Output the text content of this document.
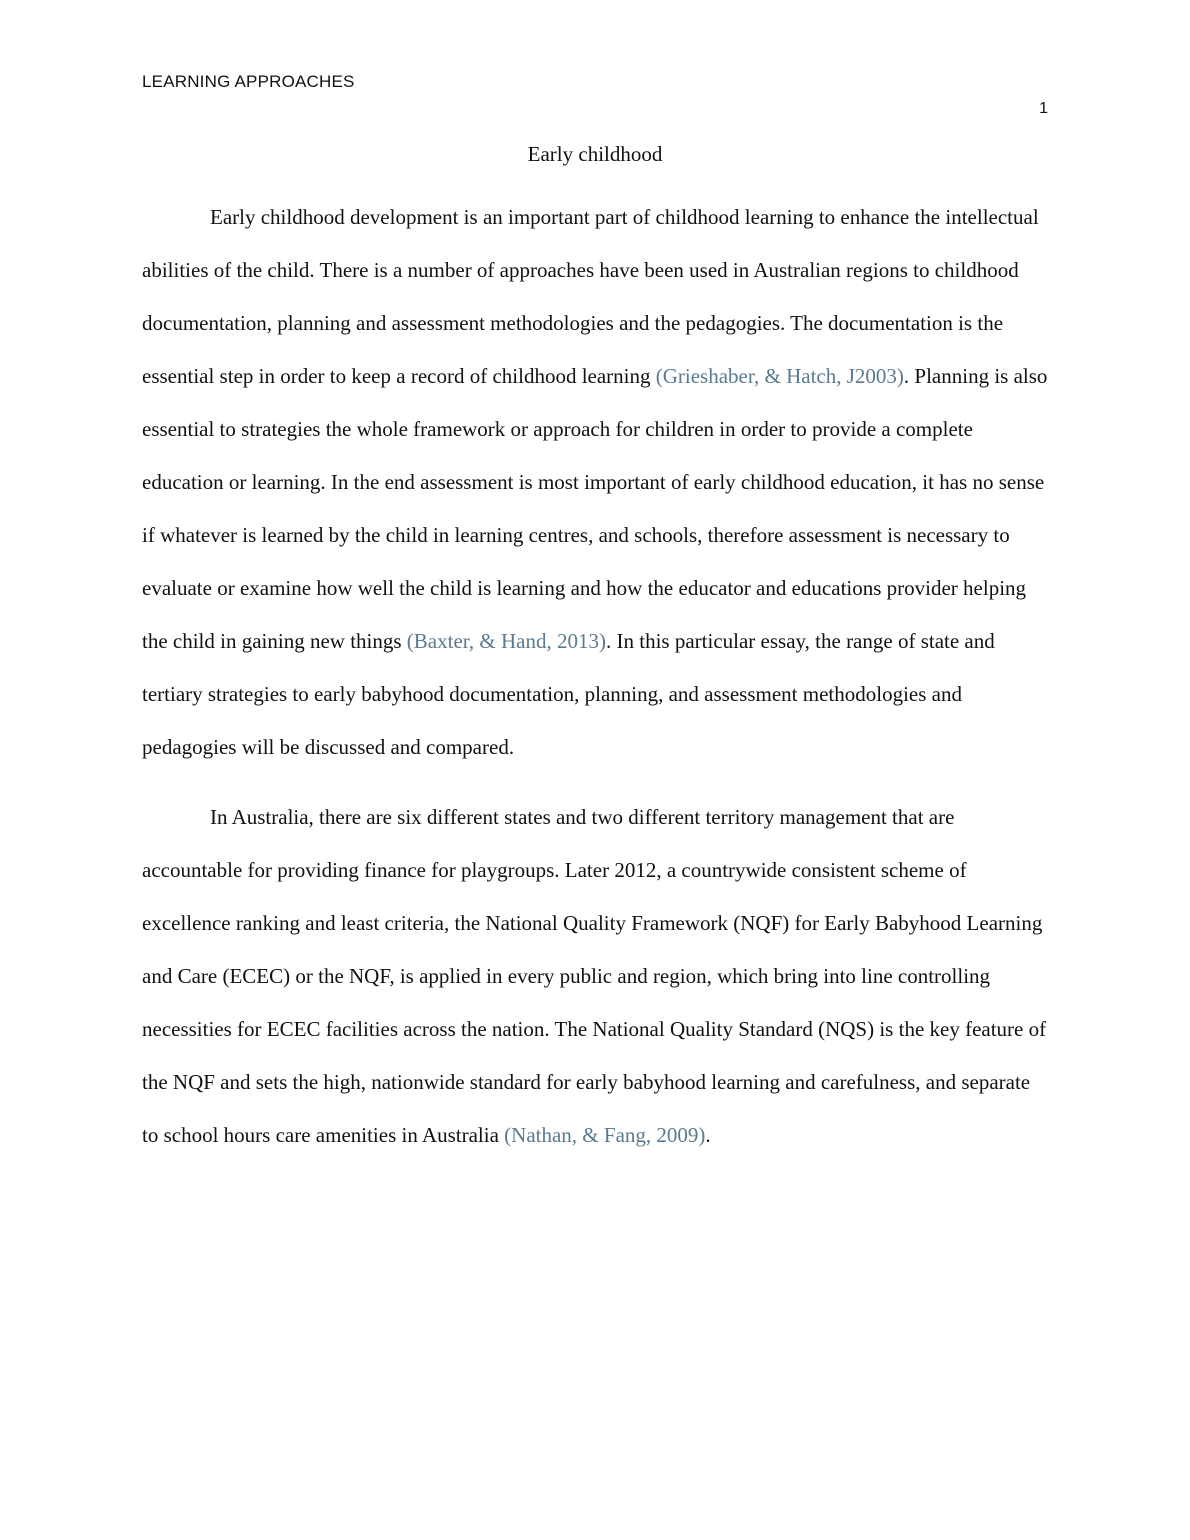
LEARNING APPROACHES
1
Early childhood

Early childhood development is an important part of childhood learning to enhance the intellectual abilities of the child. There is a number of approaches have been used in Australian regions to childhood documentation, planning and assessment methodologies and the pedagogies. The documentation is the essential step in order to keep a record of childhood learning (Grieshaber, & Hatch, J2003). Planning is also essential to strategies the whole framework or approach for children in order to provide a complete education or learning. In the end assessment is most important of early childhood education, it has no sense if whatever is learned by the child in learning centres, and schools, therefore assessment is necessary to evaluate or examine how well the child is learning and how the educator and educations provider helping the child in gaining new things (Baxter, & Hand, 2013). In this particular essay, the range of state and tertiary strategies to early babyhood documentation, planning, and assessment methodologies and pedagogies will be discussed and compared.

In Australia, there are six different states and two different territory management that are accountable for providing finance for playgroups. Later 2012, a countrywide consistent scheme of excellence ranking and least criteria, the National Quality Framework (NQF) for Early Babyhood Learning and Care (ECEC) or the NQF, is applied in every public and region, which bring into line controlling necessities for ECEC facilities across the nation. The National Quality Standard (NQS) is the key feature of the NQF and sets the high, nationwide standard for early babyhood learning and carefulness, and separate to school hours care amenities in Australia (Nathan, & Fang, 2009).
